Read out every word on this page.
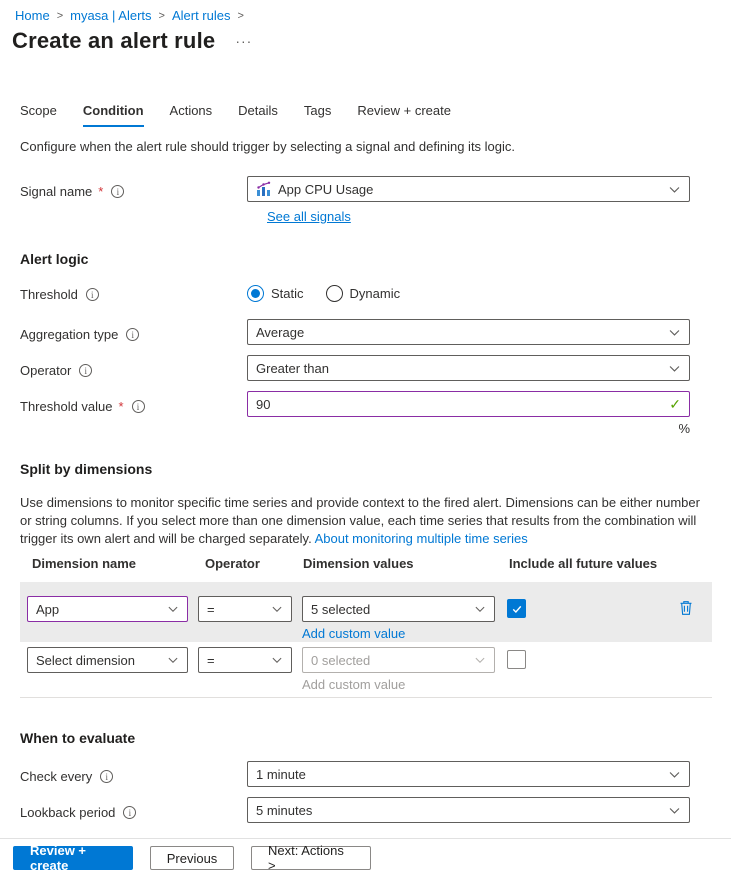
Home > myasa | Alerts > Alert rules >
Create an alert rule ···
Scope Condition Actions Details Tags Review + create
Configure when the alert rule should trigger by selecting a signal and defining its logic.
Signal name * i	App CPU Usage
See all signals
Alert logic
Threshold i	Static	Dynamic
Aggregation type i	Average
Operator i	Greater than
Threshold value * i	90	✓
%
Split by dimensions
Use dimensions to monitor specific time series and provide context to the fired alert. Dimensions can be either number or string columns. If you select more than one dimension value, each time series that results from the combination will trigger its own alert and will be charged separately. About monitoring multiple time series
Dimension name	Operator	Dimension values	Include all future values
App	=	5 selected
Add custom value
Select dimension	=	0 selected
Add custom value
When to evaluate
Check every i	1 minute
Lookback period i	5 minutes
Review + create	Previous	Next: Actions >
